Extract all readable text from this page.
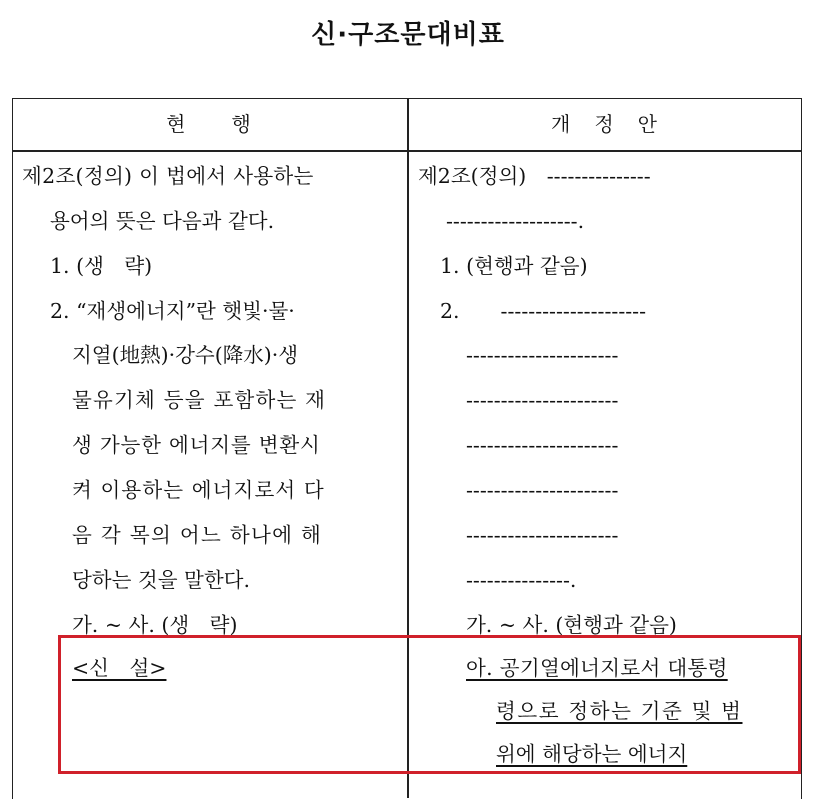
신·구조문대비표
현　　행	개　정　안
제2조(정의) 이 법에서 사용하는
용어의 뜻은 다음과 같다.
1. (생　략)
2. “재생에너지”란 햇빛·물·
지열(地熱)·강수(降水)·생
물유기체 등을 포함하는 재
생 가능한 에너지를 변환시
켜 이용하는 에너지로서 다
음 각 목의 어느 하나에 해
당하는 것을 말한다.
가. ~ 사. (생　략)
<신　설>
제2조(정의)　---------------
-------------------.
1. (현행과 같음)
2.　　---------------------
----------------------
----------------------
----------------------
----------------------
----------------------
---------------.
가. ~ 사. (현행과 같음)
아. 공기열에너지로서 대통령
령으로 정하는 기준 및 범
위에 해당하는 에너지
